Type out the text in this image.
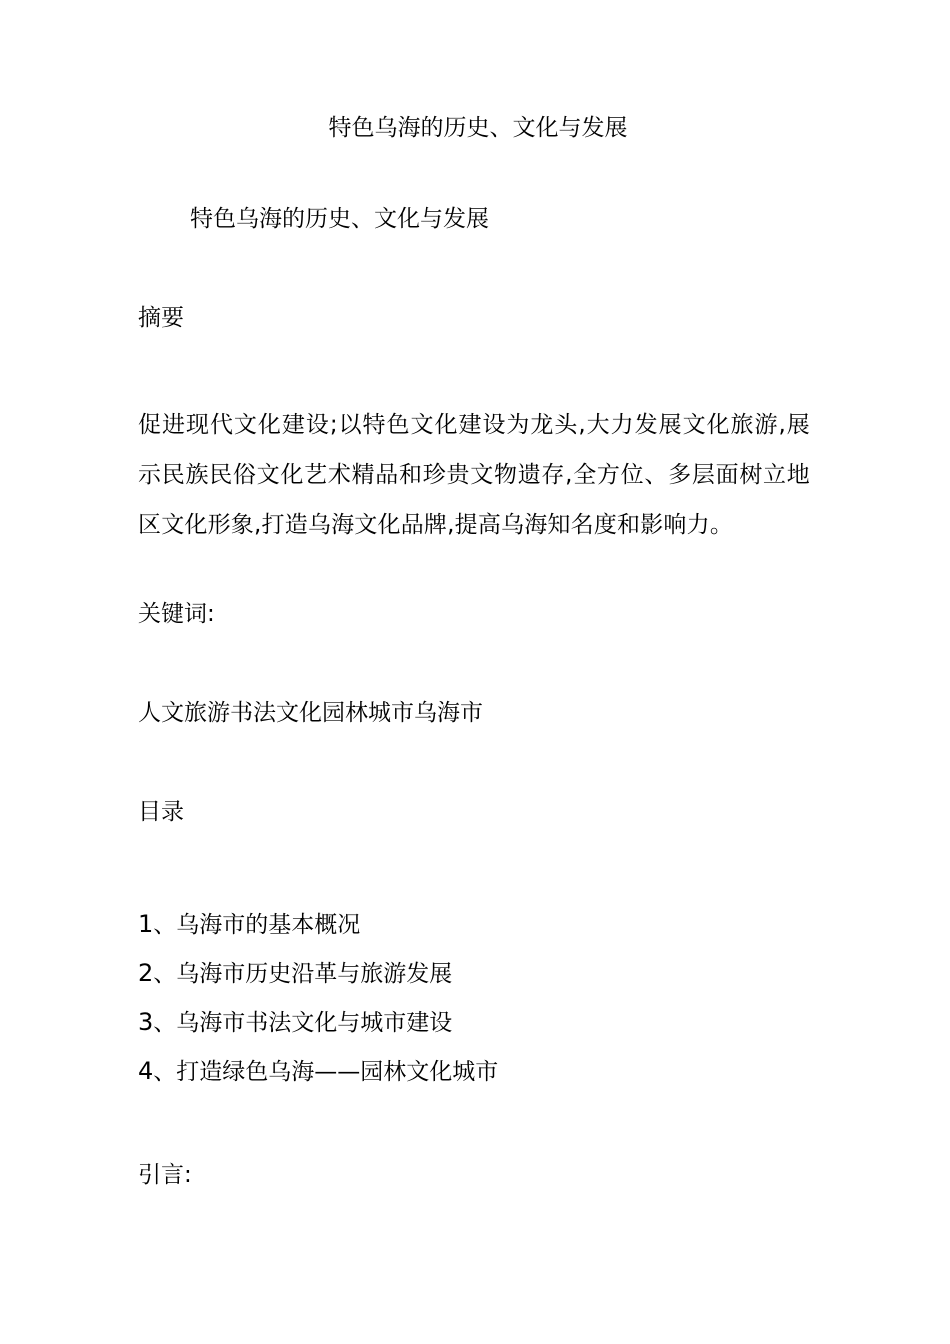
特色乌海的历史、文化与发展
特色乌海的历史、文化与发展
摘要
促进现代文化建设;以特色文化建设为龙头,大力发展文化旅游,展示民族民俗文化艺术精品和珍贵文物遗存,全方位、多层面树立地区文化形象,打造乌海文化品牌,提高乌海知名度和影响力。
关键词:
人文旅游书法文化园林城市乌海市
目录
1、乌海市的基本概况
2、乌海市历史沿革与旅游发展
3、乌海市书法文化与城市建设
4、打造绿色乌海——园林文化城市
引言:
